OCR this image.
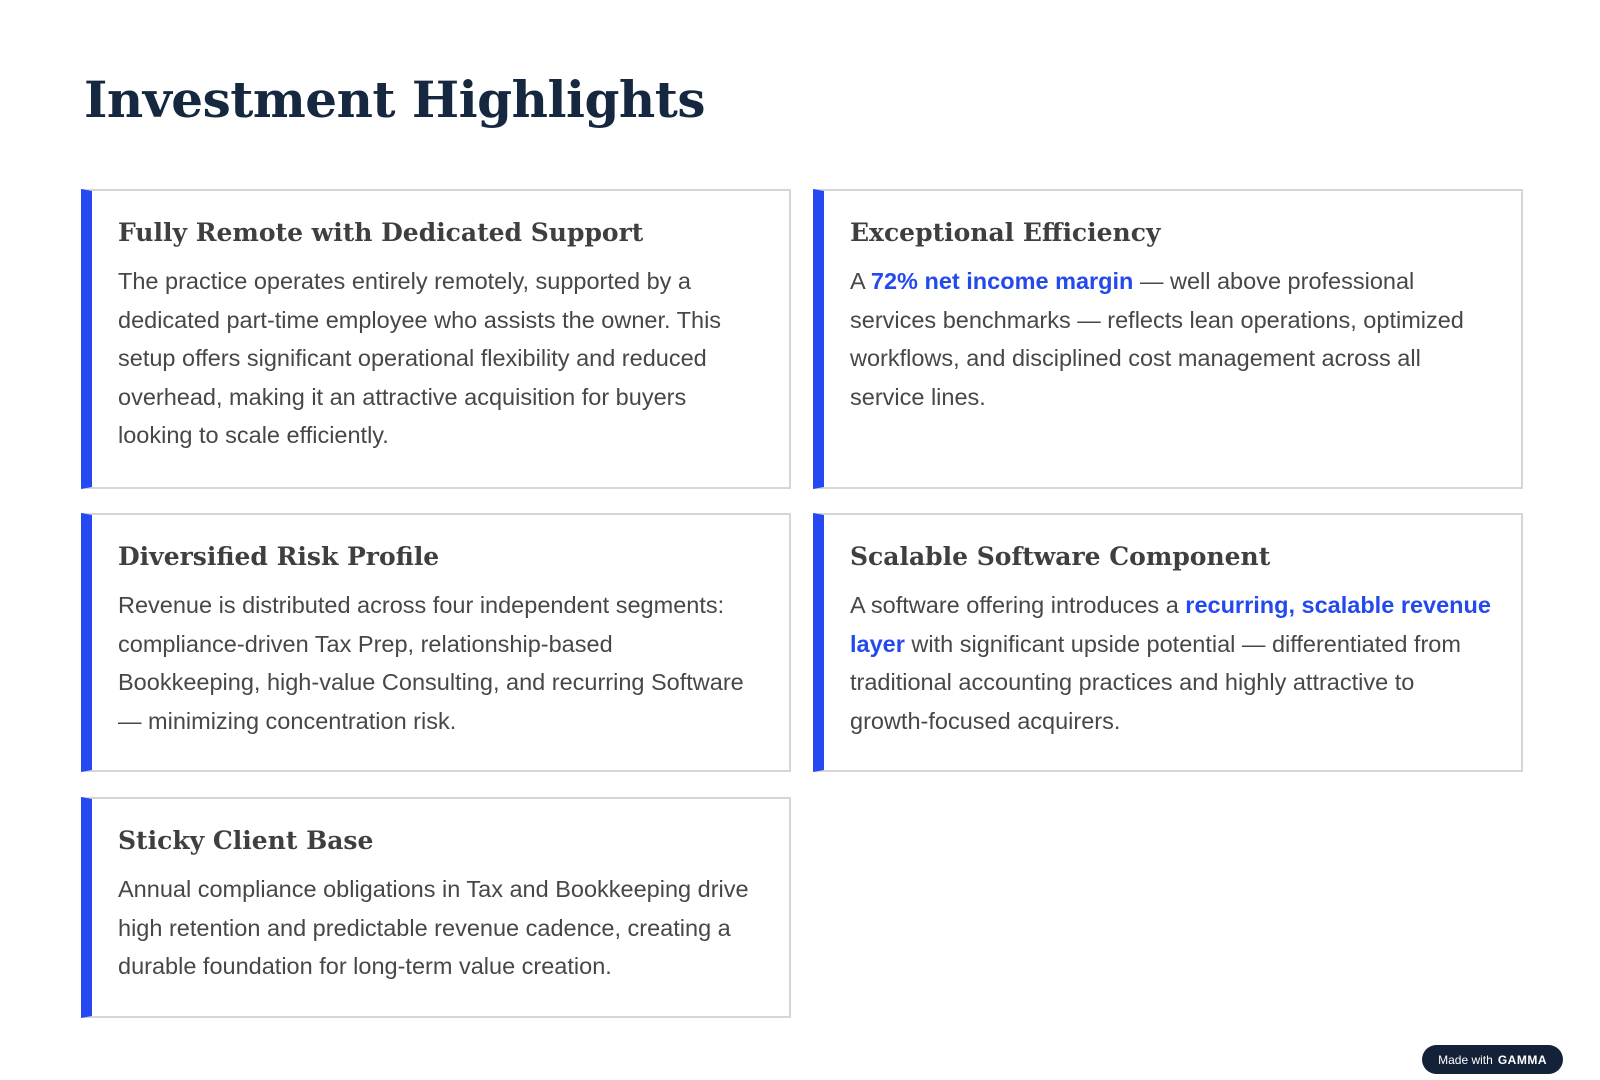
Investment Highlights
Fully Remote with Dedicated Support

The practice operates entirely remotely, supported by a dedicated part-time employee who assists the owner. This setup offers significant operational flexibility and reduced overhead, making it an attractive acquisition for buyers looking to scale efficiently.

Exceptional Efficiency

A 72% net income margin — well above professional services benchmarks — reflects lean operations, optimized workflows, and disciplined cost management across all service lines.

Diversified Risk Profile

Revenue is distributed across four independent segments: compliance-driven Tax Prep, relationship-based Bookkeeping, high-value Consulting, and recurring Software — minimizing concentration risk.

Scalable Software Component

A software offering introduces a recurring, scalable revenue layer with significant upside potential — differentiated from traditional accounting practices and highly attractive to growth-focused acquirers.

Sticky Client Base

Annual compliance obligations in Tax and Bookkeeping drive high retention and predictable revenue cadence, creating a durable foundation for long-term value creation.

Made with GAMMA
